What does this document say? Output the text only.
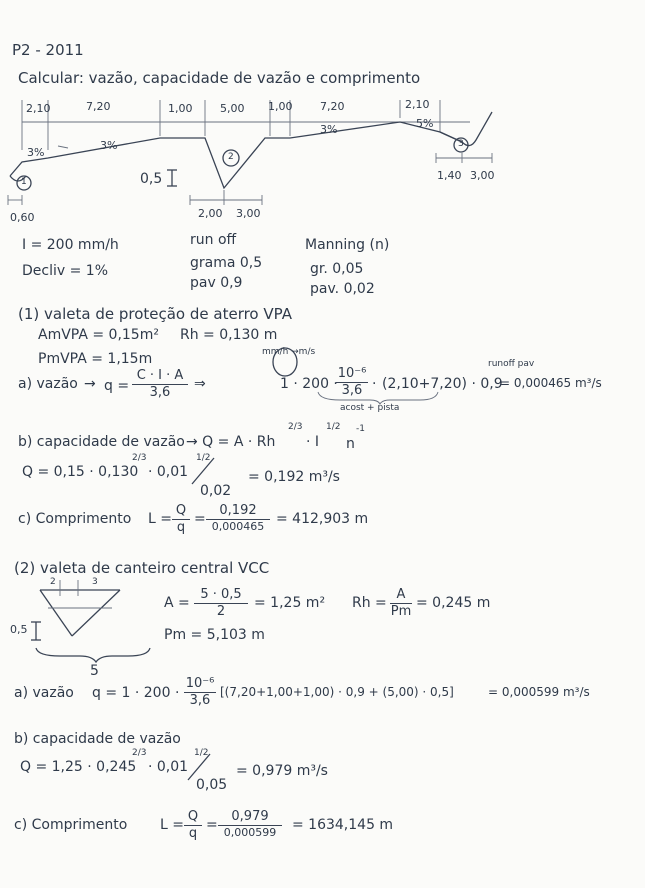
P2 - 2011
Calcular: vazão, capacidade de vazão e comprimento
2,10	7,20	1,00	5,00 1,00	7,20	2,10
3%
3%
3%	5%
1
2
3
0,5
0,60	2,00 3,00
1,40 3,00
I = 200 mm/h
Decliv = 1%
run off
grama 0,5
pav 0,9
Manning (n)
gr. 0,05
pav. 0,02
(1) valeta de proteção de aterro VPA
AmVPA = 0,15m² Rh = 0,130 m
PmVPA = 1,15m
a) vazão → q =
C · I · A
3,6
⇒	1 · 200 ·
mm/h →m/s
10⁻⁶
3,6 · (2,10+7,20) · 0,9
= 0,000465 m³/s
runoff pav
acost + pista
b) capacidade de vazão → Q = A · Rh
2/3
· I
1/2
n
-1
Q = 0,15 · 0,130
2/3
· 0,01
1/2
0,02
= 0,192 m³/s
c) Comprimento L =
Q
q
=
0,192
0,000465 = 412,903 m
(2) valeta de canteiro central VCC
2	3
0,5
5
A =
5 · 0,5
2
= 1,25 m² Rh =
A
Pm
= 0,245 m
Pm = 5,103 m
a) vazão q = 1 · 200 ·
10⁻⁶
3,6
[(7,20+1,00+1,00) · 0,9 + (5,00) · 0,5]	= 0,000599 m³/s
b) capacidade de vazão
Q = 1,25 · 0,245
2/3
· 0,01
1/2
0,05
= 0,979 m³/s
c) Comprimento L =
Q
q
=
0,979
0,000599	= 1634,145 m
